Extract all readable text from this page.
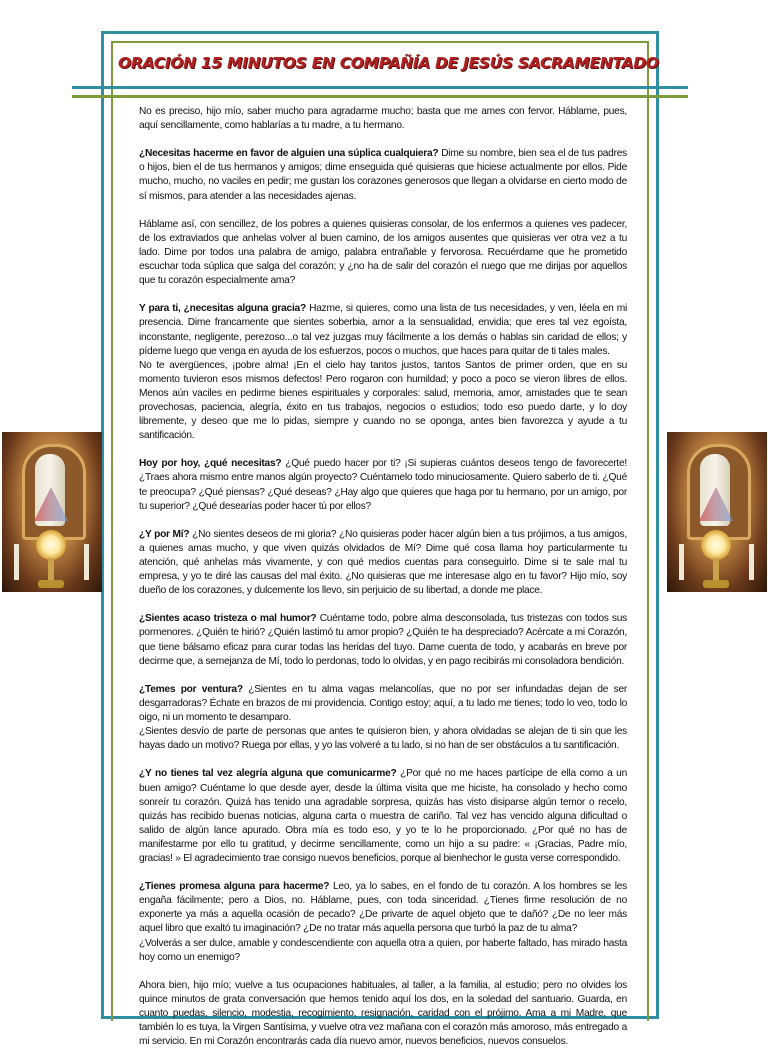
ORACIÓN 15 MINUTOS EN COMPAÑÍA DE JESÚS SACRAMENTADO

No es preciso, hijo mío, saber mucho para agradarme mucho; basta que me ames con fervor. Háblame, pues, aquí sencillamente, como hablarías a tu madre, a tu hermano.

¿Necesitas hacerme en favor de alguien una súplica cualquiera? Dime su nombre, bien sea el de tus padres o hijos, bien el de tus hermanos y amigos; dime enseguida qué quisieras que hiciese actualmente por ellos. Pide mucho, mucho, no vaciles en pedir; me gustan los corazones generosos que llegan a olvidarse en cierto modo de sí mismos, para atender a las necesidades ajenas.

Háblame así, con sencillez, de los pobres a quienes quisieras consolar, de los enfermos a quienes ves padecer, de los extraviados que anhelas volver al buen camino, de los amigos ausentes que quisieras ver otra vez a tu lado. Dime por todos una palabra de amigo, palabra entrañable y fervorosa. Recuérdame que he prometido escuchar toda súplica que salga del corazón; y ¿no ha de salir del corazón el ruego que me dirijas por aquellos que tu corazón especialmente ama?

Y para ti, ¿necesitas alguna gracia? Hazme, si quieres, como una lista de tus necesidades, y ven, léela en mi presencia. Dime francamente que sientes soberbia, amor a la sensualidad, envidia; que eres tal vez egoísta, inconstante, negligente, perezoso...o tal vez juzgas muy fácilmente a los demás o hablas sin caridad de ellos; y pídeme luego que venga en ayuda de los esfuerzos, pocos o muchos, que haces para quitar de ti tales males.
No te avergüences, ¡pobre alma! ¡En el cielo hay tantos justos, tantos Santos de primer orden, que en su momento tuvieron esos mismos defectos! Pero rogaron con humildad; y poco a poco se vieron libres de ellos. Menos aún vaciles en pedirme bienes espirituales y corporales: salud, memoria, amor, amistades que te sean provechosas, paciencia, alegría, éxito en tus trabajos, negocios o estudios; todo eso puedo darte, y lo doy libremente, y deseo que me lo pidas, siempre y cuando no se oponga, antes bien favorezca y ayude a tu santificación.

Hoy por hoy, ¿qué necesitas? ¿Qué puedo hacer por ti? ¡Si supieras cuántos deseos tengo de favorecerte! ¿Traes ahora mismo entre manos algún proyecto? Cuéntamelo todo minuciosamente. Quiero saberlo de ti. ¿Qué te preocupa? ¿Qué piensas? ¿Qué deseas? ¿Hay algo que quieres que haga por tu hermano, por un amigo, por tu superior? ¿Qué desearías poder hacer tú por ellos?

¿Y por Mí? ¿No sientes deseos de mi gloria? ¿No quisieras poder hacer algún bien a tus prójimos, a tus amigos, a quienes amas mucho, y que viven quizás olvidados de Mí? Dime qué cosa llama hoy particularmente tu atención, qué anhelas más vivamente, y con qué medios cuentas para conseguirlo. Dime si te sale mal tu empresa, y yo te diré las causas del mal éxito. ¿No quisieras que me interesase algo en tu favor? Hijo mío, soy dueño de los corazones, y dulcemente los llevo, sin perjuicio de su libertad, a donde me place.

¿Sientes acaso tristeza o mal humor? Cuéntame todo, pobre alma desconsolada, tus tristezas con todos sus pormenores. ¿Quién te hirió? ¿Quién lastimó tu amor propio? ¿Quién te ha despreciado? Acércate a mi Corazón, que tiene bálsamo eficaz para curar todas las heridas del tuyo. Dame cuenta de todo, y acabarás en breve por decirme que, a semejanza de Mí, todo lo perdonas, todo lo olvidas, y en pago recibirás mi consoladora bendición.

¿Temes por ventura? ¿Sientes en tu alma vagas melancolías, que no por ser infundadas dejan de ser desgarradoras? Échate en brazos de mi providencia. Contigo estoy; aquí, a tu lado me tienes; todo lo veo, todo lo oigo, ni un momento te desamparo.
¿Sientes desvío de parte de personas que antes te quisieron bien, y ahora olvidadas se alejan de ti sin que les hayas dado un motivo? Ruega por ellas, y yo las volveré a tu lado, si no han de ser obstáculos a tu santificación.

¿Y no tienes tal vez alegría alguna que comunicarme? ¿Por qué no me haces partícipe de ella como a un buen amigo? Cuéntame lo que desde ayer, desde la última visita que me hiciste, ha consolado y hecho como sonreír tu corazón. Quizá has tenido una agradable sorpresa, quizás has visto disiparse algún temor o recelo, quizás has recibido buenas noticias, alguna carta o muestra de cariño. Tal vez has vencido alguna dificultad o salido de algún lance apurado. Obra mía es todo eso, y yo te lo he proporcionado. ¿Por qué no has de manifestarme por ello tu gratitud, y decirme sencillamente, como un hijo a su padre: « ¡Gracias, Padre mío, gracias! » El agradecimiento trae consigo nuevos beneficios, porque al bienhechor le gusta verse correspondido.

¿Tienes promesa alguna para hacerme? Leo, ya lo sabes, en el fondo de tu corazón. A los hombres se les engaña fácilmente; pero a Dios, no. Háblame, pues, con toda sinceridad. ¿Tienes firme resolución de no exponerte ya más a aquella ocasión de pecado? ¿De privarte de aquel objeto que te dañó? ¿De no leer más aquel libro que exaltó tu imaginación? ¿De no tratar más aquella persona que turbó la paz de tu alma?
¿Volverás a ser dulce, amable y condescendiente con aquella otra a quien, por haberte faltado, has mirado hasta hoy como un enemigo?

Ahora bien, hijo mío; vuelve a tus ocupaciones habituales, al taller, a la familia, al estudio; pero no olvides los quince minutos de grata conversación que hemos tenido aquí los dos, en la soledad del santuario. Guarda, en cuanto puedas, silencio, modestia, recogimiento, resignación, caridad con el prójimo. Ama a mi Madre, que también lo es tuya, la Virgen Santísima, y vuelve otra vez mañana con el corazón más amoroso, más entregado a mi servicio. En mi Corazón encontrarás cada día nuevo amor, nuevos beneficios, nuevos consuelos.
